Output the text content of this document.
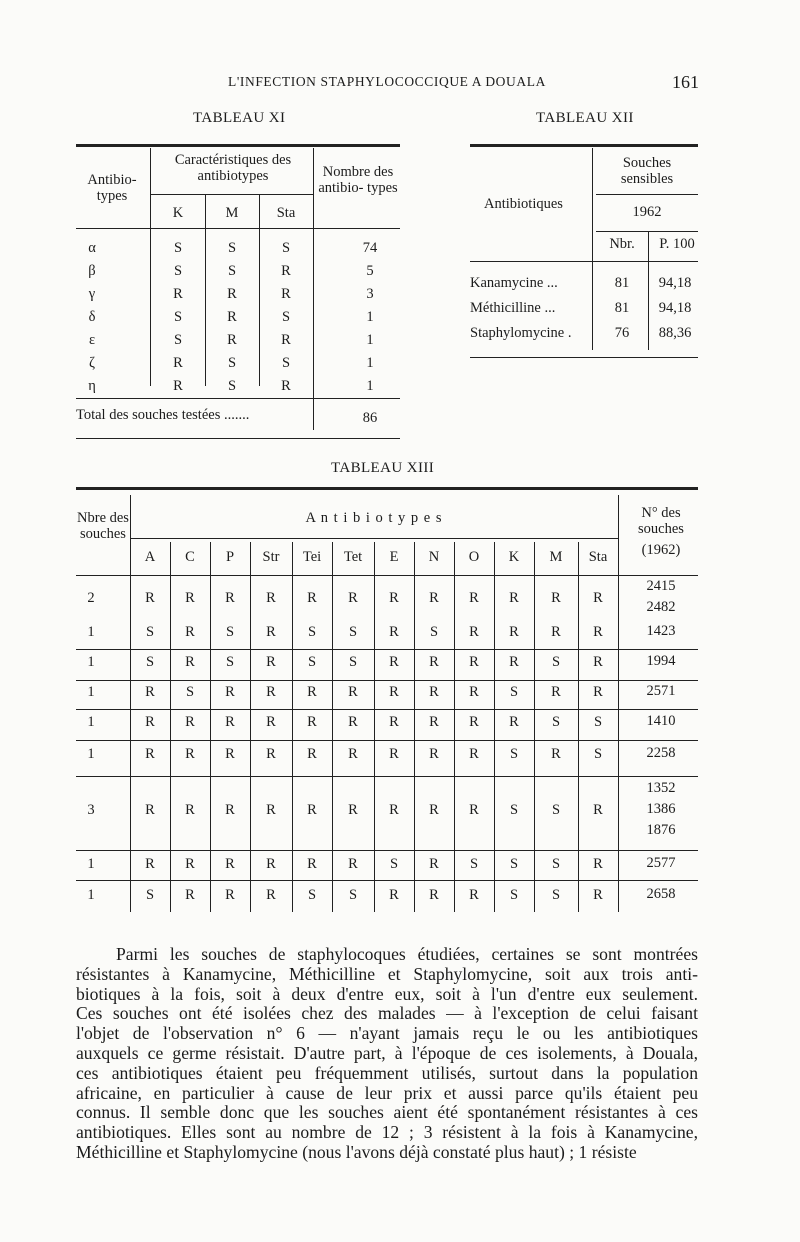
L'INFECTION STAPHYLOCOCCIQUE A DOUALA	161
TABLEAU XI
Antibio- types
Caractéristiques des antibiotypes	Nombre des antibio- types
K	M	Sta
α	S	S	S	74
β	S	S	R	5
γ	R	R	R	3
δ	S	R	S	1
ε	S	R	R	1
ζ	R	S	S	1
η	R	S	R	1
Total des souches testées .......	86
TABLEAU XII
Souches sensibles
1962
Antibiotiques
Nbr.	P. 100
Kanamycine ...	81	94,18
Méthicilline ...	81	94,18
Staphylomycine .	76	88,36
TABLEAU XIII
Nbre des souches
A n t i b i o t y p e s	N° des souches
(1962)
A	C	P	Str	Tei	Tet	E	N	O	K	M	Sta
2	R	R	R	R	R	R	R	R	R	R	R	R
2415
2482
1	S	R	S	R	S	S	R	S	R	R	R	R	1423
1	S	R	S	R	S	S	R	R	R	R	S	R	1994
1	R	S	R	R	R	R	R	R	R	S	R	R	2571
1	R	R	R	R	R	R	R	R	R	R	S	S	1410
1	R	R	R	R	R	R	R	R	R	S	R	S	2258
3	R	R	R	R	R	R	R	R	R	S	S	R
1352
1386
1876
1	R	R	R	R	R	R	S	R	S	S	S	R	2577
1	S	R	R	R	S	S	R	R	R	S	S	R	2658
Parmi les souches de staphylocoques étudiées, certaines se sont montrées
résistantes à Kanamycine, Méthicilline et Staphylomycine, soit aux trois anti-
biotiques à la fois, soit à deux d'entre eux, soit à l'un d'entre eux seulement.
Ces souches ont été isolées chez des malades — à l'exception de celui faisant
l'objet de l'observation n° 6 — n'ayant jamais reçu le ou les antibiotiques
auxquels ce germe résistait. D'autre part, à l'époque de ces isolements, à Douala,
ces antibiotiques étaient peu fréquemment utilisés, surtout dans la population
africaine, en particulier à cause de leur prix et aussi parce qu'ils étaient peu
connus. Il semble donc que les souches aient été spontanément résistantes à ces
antibiotiques. Elles sont au nombre de 12 ; 3 résistent à la fois à Kanamycine,
Méthicilline et Staphylomycine (nous l'avons déjà constaté plus haut) ; 1 résiste
